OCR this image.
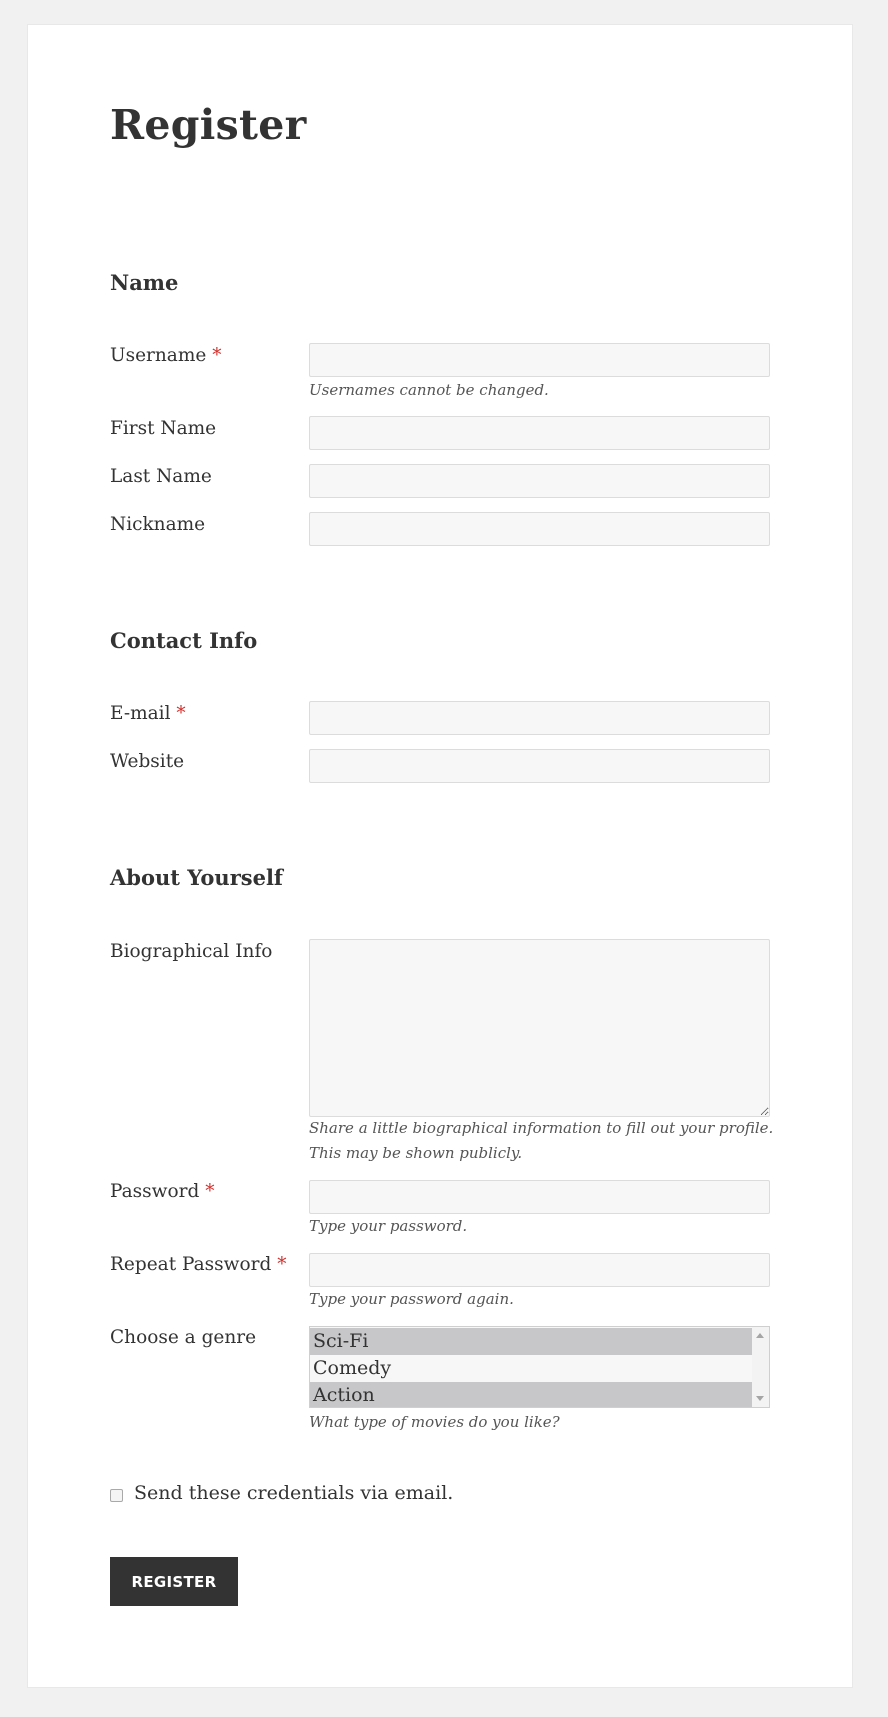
Register
Name
Username *
Usernames cannot be changed.
First Name
Last Name
Nickname
Contact Info
E-mail *
Website
About Yourself
Biographical Info
Share a little biographical information to fill out your profile.
This may be shown publicly.
Password *
Type your password.
Repeat Password *
Type your password again.
Choose a genre	Sci-Fi
Comedy
Action
What type of movies do you like?
Send these credentials via email.
REGISTER
